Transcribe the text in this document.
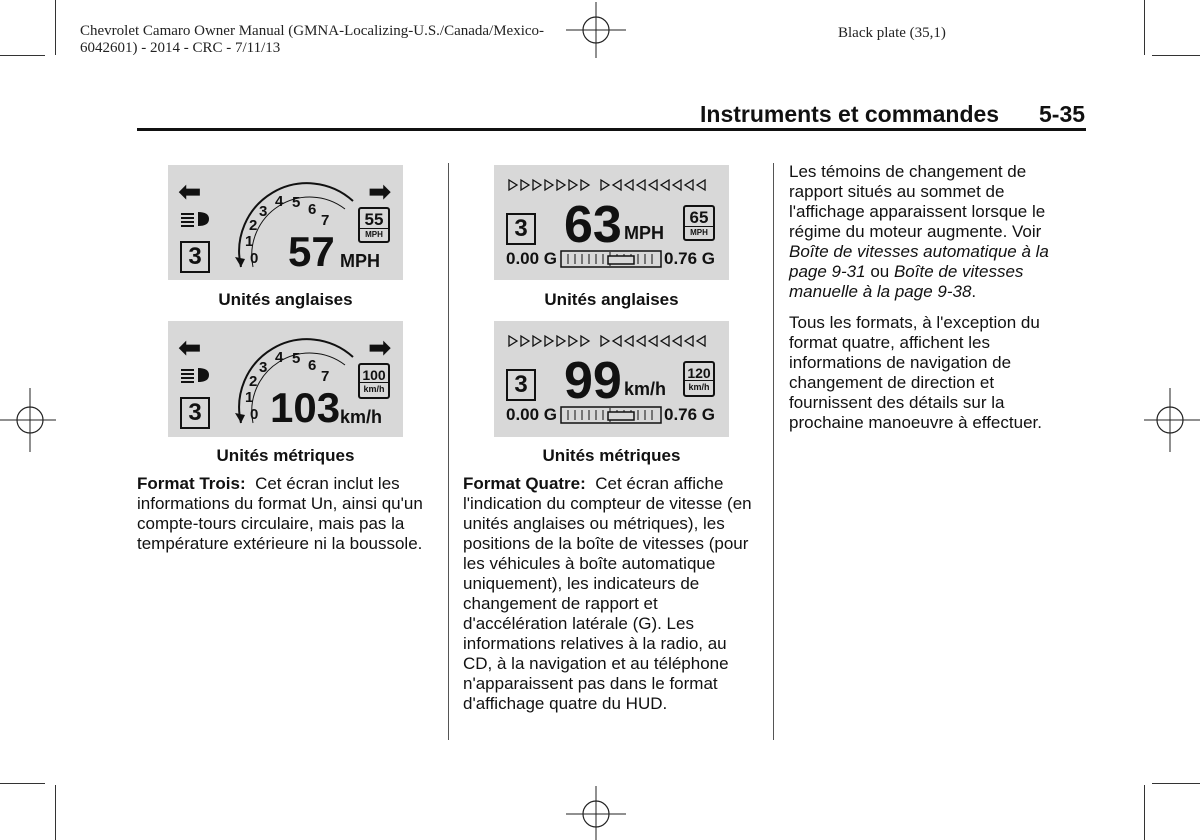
Chevrolet Camaro Owner Manual (GMNA-Localizing-U.S./Canada/Mexico-
6042601) - 2014 - CRC - 7/11/13
Black plate (35,1)
Instruments et commandes 5-35
⬅	➡
3	0
1
2
3
4 5 6
7
57 MPH
55
MPH
Unités anglaises
⬅	➡
3	0
1
2
3
4 5 6
7
103 km/h
100
km/h
Unités métriques
3 63 MPH
65
MPH
0.00 G	0.76 G
Unités anglaises
3 99 km/h
120
km/h
0.00 G	0.76 G
Unités métriques

Format Trois: Cet écran inclut les informations du format Un, ainsi qu'un compte-tours circulaire, mais pas la température extérieure ni la boussole.

Format Quatre: Cet écran affiche l'indication du compteur de vitesse (en unités anglaises ou métriques), les positions de la boîte de vitesses (pour les véhicules à boîte automatique uniquement), les indicateurs de changement de rapport et d'accélération latérale (G). Les informations relatives à la radio, au CD, à la navigation et au téléphone n'apparaissent pas dans le format d'affichage quatre du HUD.

Les témoins de changement de rapport situés au sommet de l'affichage apparaissent lorsque le régime du moteur augmente. Voir Boîte de vitesses automatique à la page 9-31 ou Boîte de vitesses manuelle à la page 9-38.

Tous les formats, à l'exception du format quatre, affichent les informations de navigation de changement de direction et fournissent des détails sur la prochaine manoeuvre à effectuer.
